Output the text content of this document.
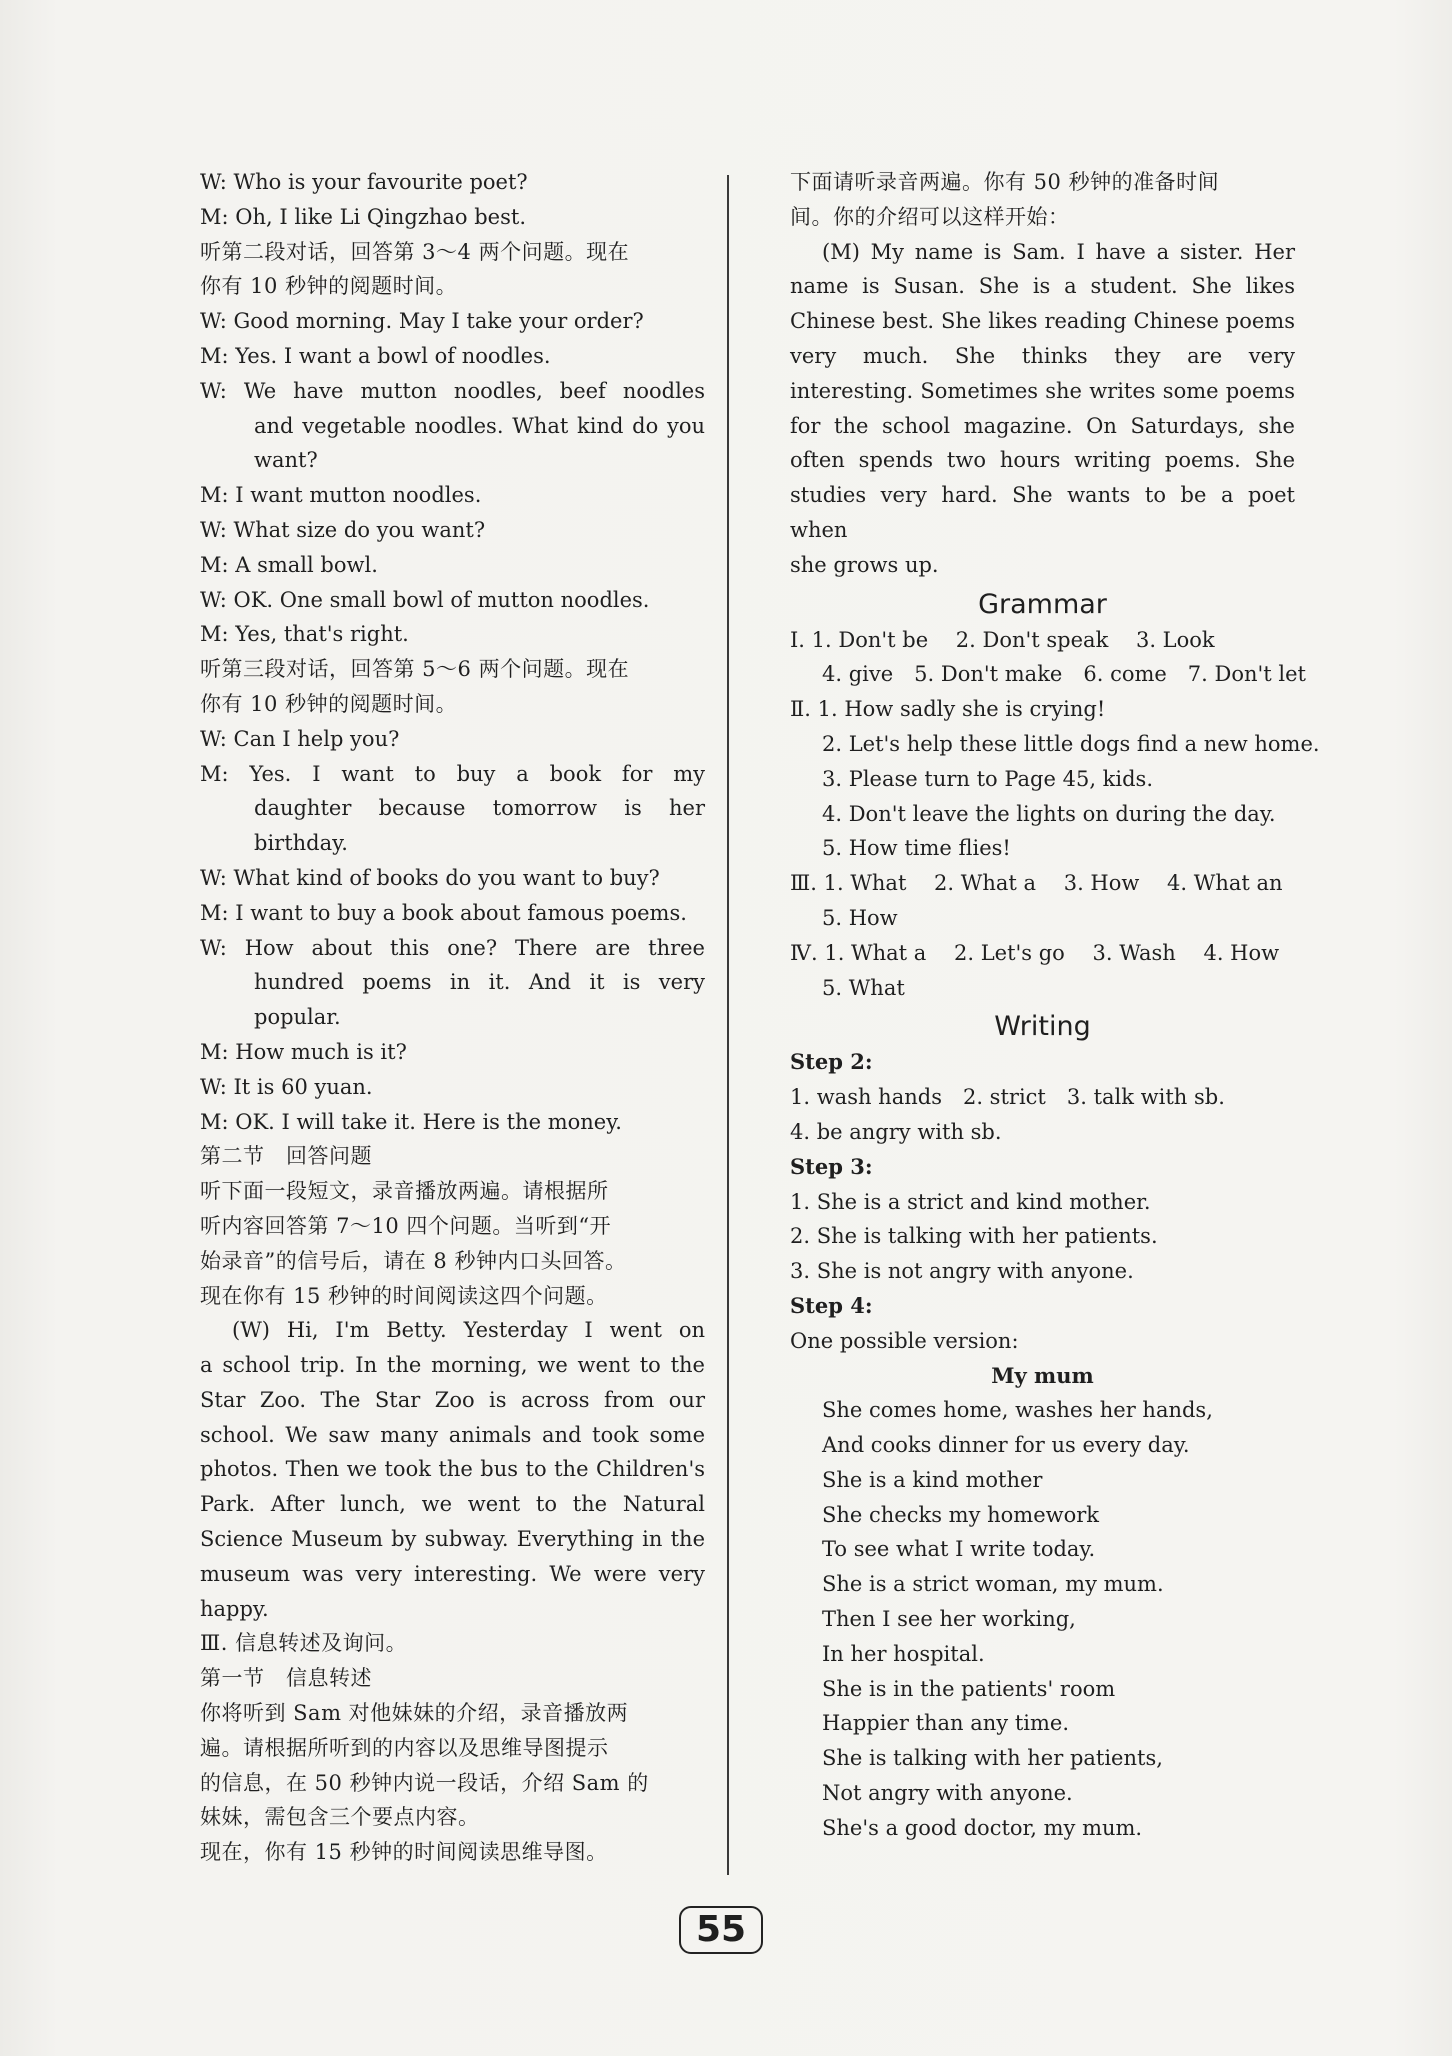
W: Who is your favourite poet?
M: Oh, I like Li Qingzhao best.
听第二段对话，回答第 3～4 两个问题。现在
你有 10 秒钟的阅题时间。
W: Good morning. May I take your order?
M: Yes. I want a bowl of noodles.
W: We have mutton noodles, beef noodles
and vegetable noodles. What kind do you
want?
M: I want mutton noodles.
W: What size do you want?
M: A small bowl.
W: OK. One small bowl of mutton noodles.
M: Yes, that's right.
听第三段对话，回答第 5～6 两个问题。现在
你有 10 秒钟的阅题时间。
W: Can I help you?
M: Yes. I want to buy a book for my
daughter because tomorrow is her
birthday.
W: What kind of books do you want to buy?
M: I want to buy a book about famous poems.
W: How about this one? There are three
hundred poems in it. And it is very
popular.
M: How much is it?
W: It is 60 yuan.
M: OK. I will take it. Here is the money.
第二节　回答问题
听下面一段短文，录音播放两遍。请根据所
听内容回答第 7～10 四个问题。当听到“开
始录音”的信号后，请在 8 秒钟内口头回答。
现在你有 15 秒钟的时间阅读这四个问题。
(W) Hi, I'm Betty. Yesterday I went on
a school trip. In the morning, we went to the
Star Zoo. The Star Zoo is across from our
school. We saw many animals and took some
photos. Then we took the bus to the Children's
Park. After lunch, we went to the Natural
Science Museum by subway. Everything in the
museum was very interesting. We were very
happy.
Ⅲ. 信息转述及询问。
第一节　信息转述
你将听到 Sam 对他妹妹的介绍，录音播放两
遍。请根据所听到的内容以及思维导图提示
的信息，在 50 秒钟内说一段话，介绍 Sam 的
妹妹，需包含三个要点内容。
现在，你有 15 秒钟的时间阅读思维导图。
下面请听录音两遍。你有 50 秒钟的准备时间
间。你的介绍可以这样开始：
(M) My name is Sam. I have a sister. Her
name is Susan. She is a student. She likes
Chinese best. She likes reading Chinese poems
very much. She thinks they are very
interesting. Sometimes she writes some poems
for the school magazine. On Saturdays, she
often spends two hours writing poems. She
studies very hard. She wants to be a poet when
she grows up.
Grammar
Ⅰ. 1. Don't be　 2. Don't speak　 3. Look
4. give　5. Don't make　6. come　7. Don't let
Ⅱ. 1. How sadly she is crying!
2. Let's help these little dogs find a new home.
3. Please turn to Page 45, kids.
4. Don't leave the lights on during the day.
5. How time flies!
Ⅲ. 1. What　 2. What a　 3. How　 4. What an
5. How
Ⅳ. 1. What a　 2. Let's go　 3. Wash　 4. How
5. What
Writing
Step 2:
1. wash hands　2. strict　3. talk with sb.
4. be angry with sb.
Step 3:
1. She is a strict and kind mother.
2. She is talking with her patients.
3. She is not angry with anyone.
Step 4:
One possible version:
My mum
She comes home, washes her hands,
And cooks dinner for us every day.
She is a kind mother
She checks my homework
To see what I write today.
She is a strict woman, my mum.
Then I see her working,
In her hospital.
She is in the patients' room
Happier than any time.
She is talking with her patients,
Not angry with anyone.
She's a good doctor, my mum.
55
